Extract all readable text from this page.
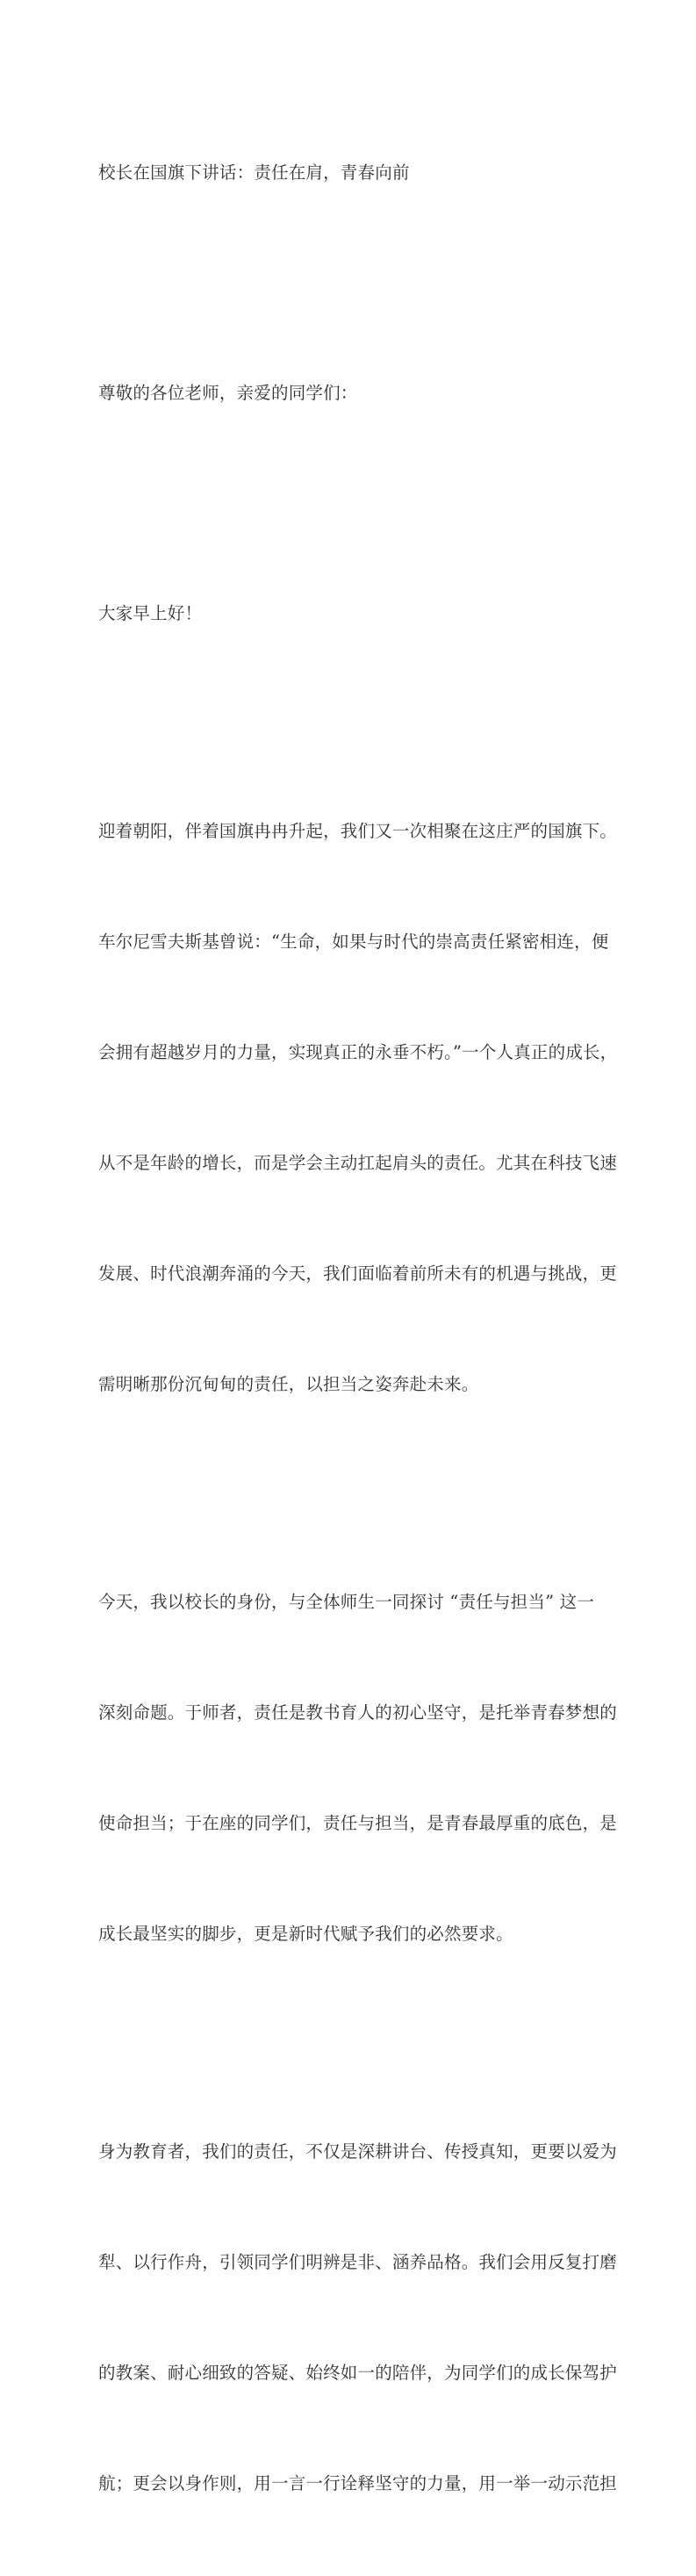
校长在国旗下讲话：责任在肩，青春向前

尊敬的各位老师，亲爱的同学们：

大家早上好！

迎着朝阳，伴着国旗冉冉升起，我们又一次相聚在这庄严的国旗下。

车尔尼雪夫斯基曾说：“生命，如果与时代的崇高责任紧密相连，便

会拥有超越岁月的力量，实现真正的永垂不朽。”一个人真正的成长，

从不是年龄的增长，而是学会主动扛起肩头的责任。尤其在科技飞速

发展、时代浪潮奔涌的今天，我们面临着前所未有的机遇与挑战，更

需明晰那份沉甸甸的责任，以担当之姿奔赴未来。

今天，我以校长的身份，与全体师生一同探讨 “责任与担当” 这一

深刻命题。于师者，责任是教书育人的初心坚守，是托举青春梦想的

使命担当；于在座的同学们，责任与担当，是青春最厚重的底色，是

成长最坚实的脚步，更是新时代赋予我们的必然要求。

身为教育者，我们的责任，不仅是深耕讲台、传授真知，更要以爱为

犁、以行作舟，引领同学们明辨是非、涵养品格。我们会用反复打磨

的教案、耐心细致的答疑、始终如一的陪伴，为同学们的成长保驾护

航；更会以身作则，用一言一行诠释坚守的力量，用一举一动示范担
